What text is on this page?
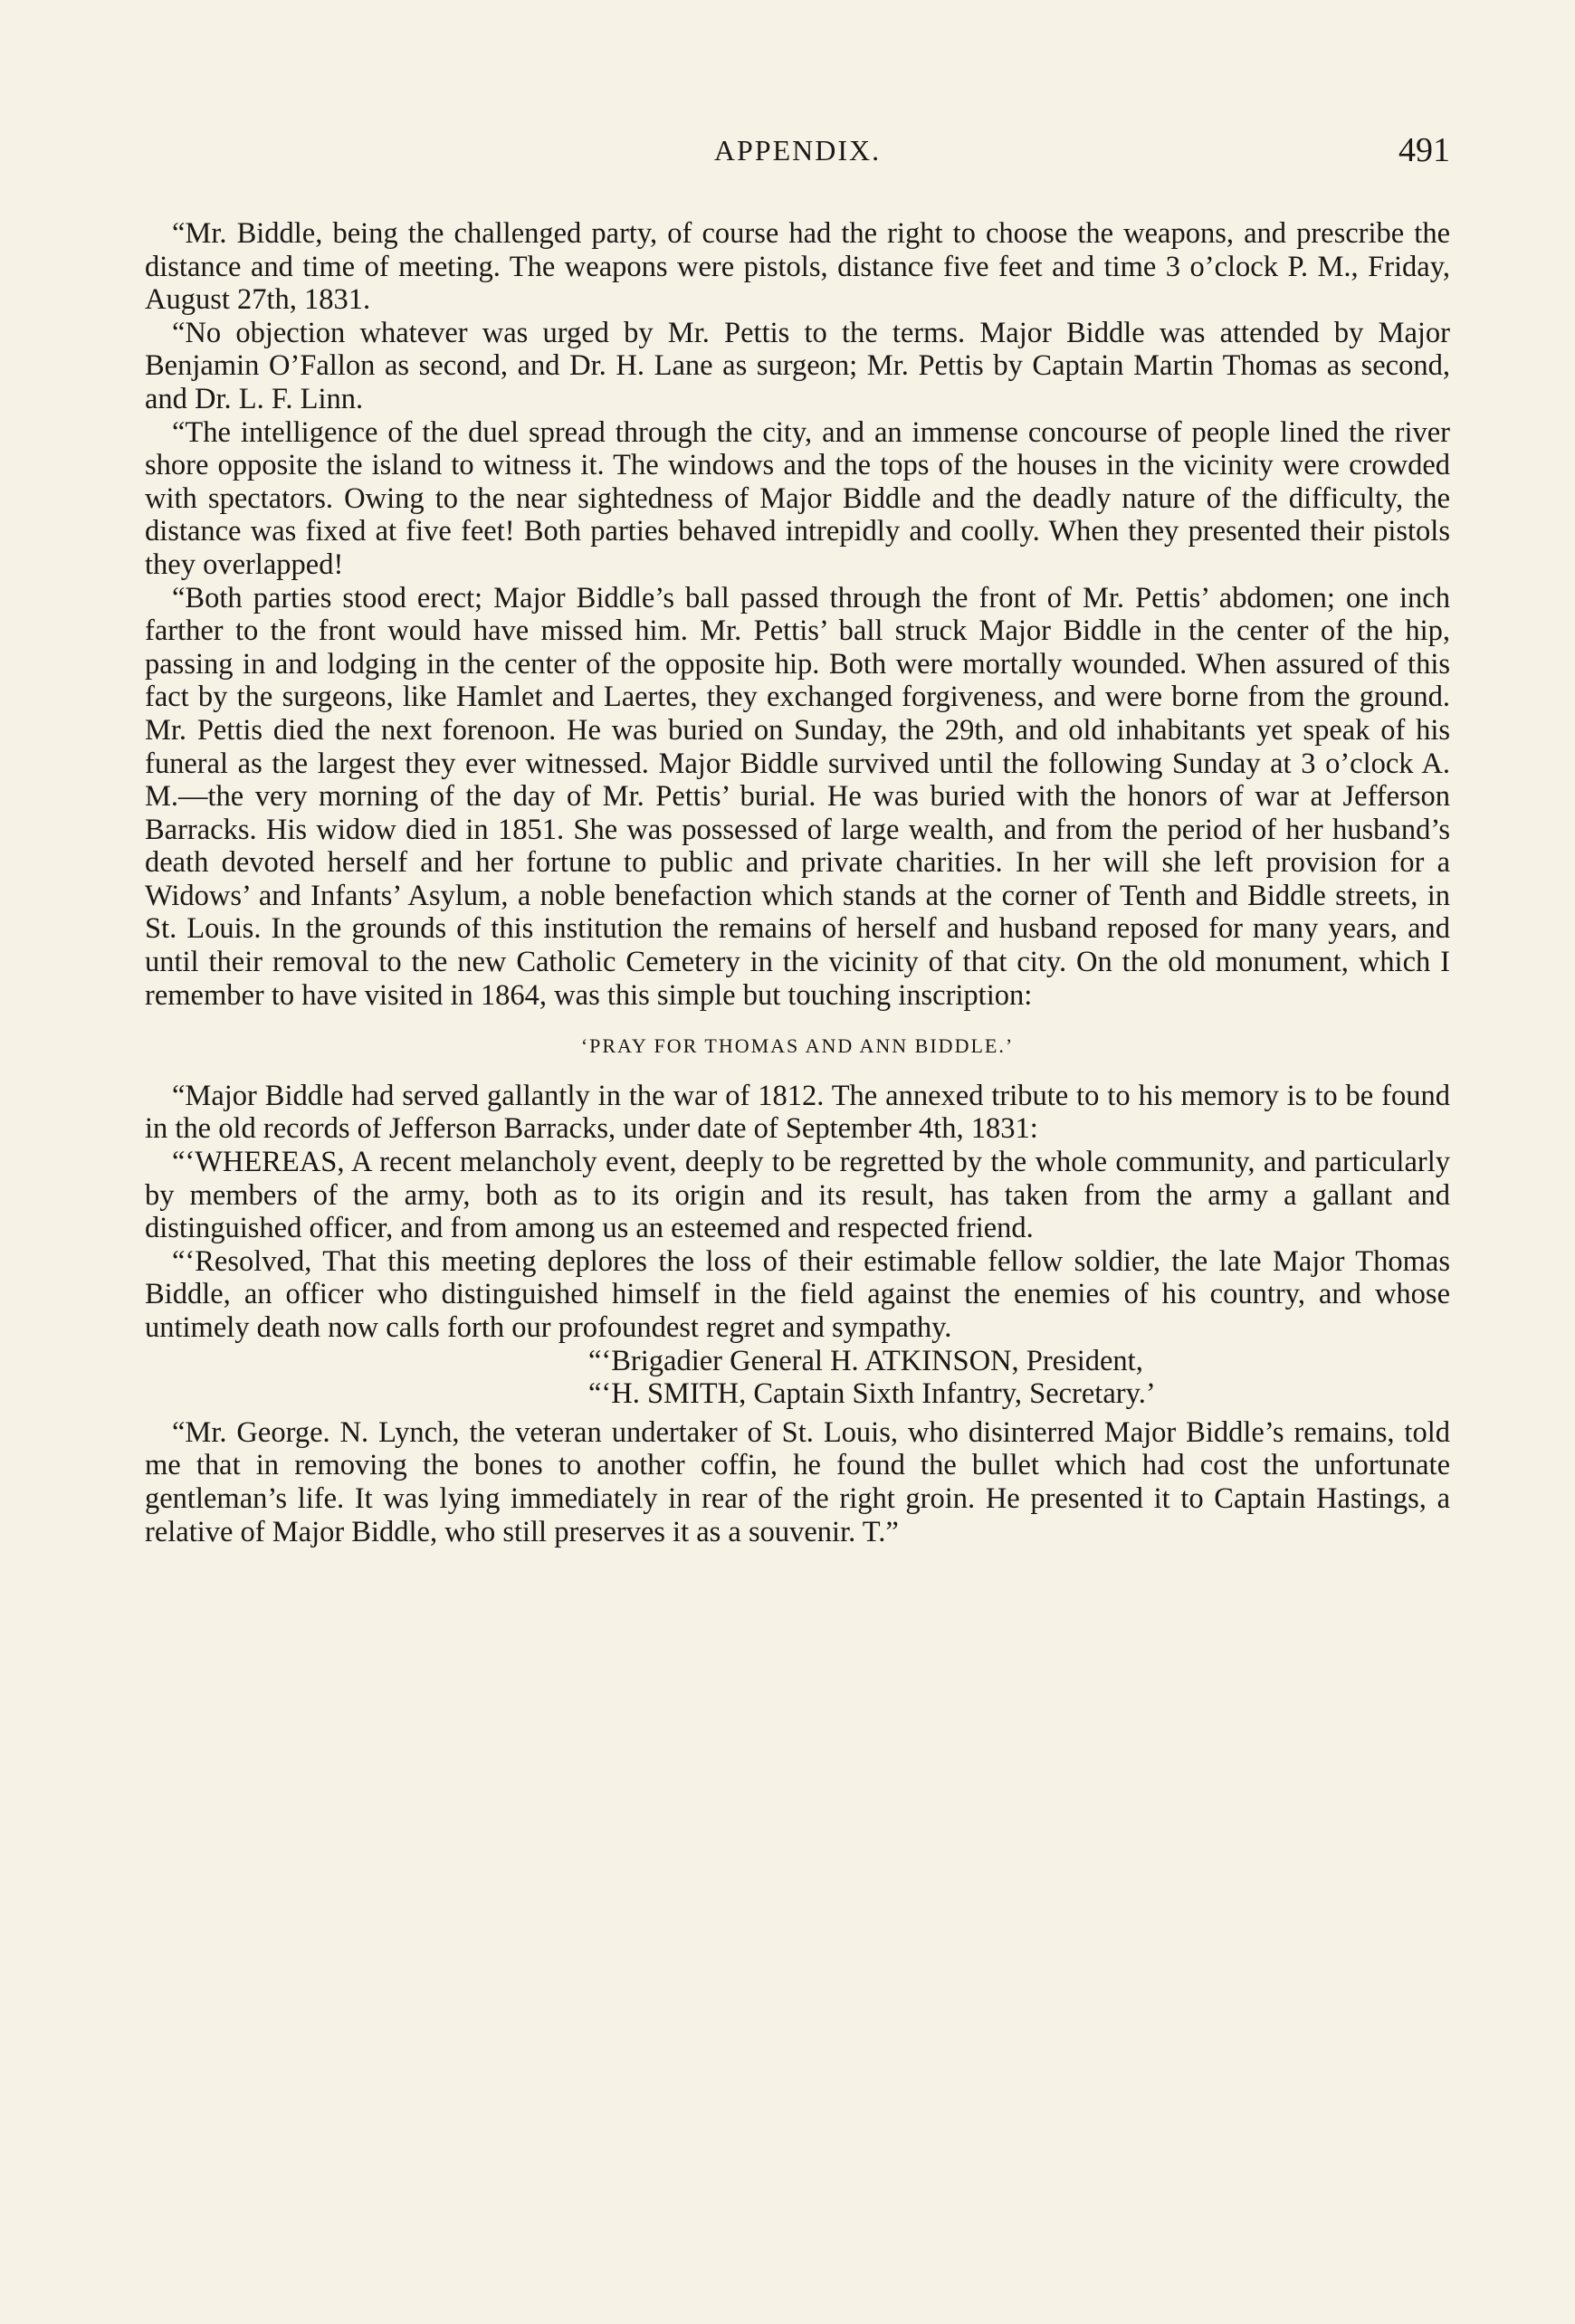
APPENDIX.	491

“Mr. Biddle, being the challenged party, of course had the right to choose the weapons, and prescribe the distance and time of meeting. The weapons were pistols, distance five feet and time 3 o’clock P. M., Friday, August 27th, 1831.

“No objection whatever was urged by Mr. Pettis to the terms. Major Biddle was attended by Major Benjamin O’Fallon as second, and Dr. H. Lane as surgeon; Mr. Pettis by Captain Martin Thomas as second, and Dr. L. F. Linn.

“The intelligence of the duel spread through the city, and an immense concourse of people lined the river shore opposite the island to witness it. The windows and the tops of the houses in the vicinity were crowded with spectators. Owing to the near sightedness of Major Biddle and the deadly nature of the difficulty, the distance was fixed at five feet! Both parties behaved intrepidly and coolly. When they presented their pistols they overlapped!

“Both parties stood erect; Major Biddle’s ball passed through the front of Mr. Pettis’ abdomen; one inch farther to the front would have missed him. Mr. Pettis’ ball struck Major Biddle in the center of the hip, passing in and lodging in the center of the opposite hip. Both were mortally wounded. When assured of this fact by the surgeons, like Hamlet and Laertes, they exchanged forgiveness, and were borne from the ground. Mr. Pettis died the next forenoon. He was buried on Sunday, the 29th, and old inhabitants yet speak of his funeral as the largest they ever witnessed. Major Biddle survived until the following Sunday at 3 o’clock A. M.—the very morning of the day of Mr. Pettis’ burial. He was buried with the honors of war at Jefferson Barracks. His widow died in 1851. She was possessed of large wealth, and from the period of her husband’s death devoted herself and her fortune to public and private charities. In her will she left provision for a Widows’ and Infants’ Asylum, a noble benefaction which stands at the corner of Tenth and Biddle streets, in St. Louis. In the grounds of this institution the remains of herself and husband reposed for many years, and until their removal to the new Catholic Cemetery in the vicinity of that city. On the old monument, which I remember to have visited in 1864, was this simple but touching inscription:

‘PRAY FOR THOMAS AND ANN BIDDLE.’

“Major Biddle had served gallantly in the war of 1812. The annexed tribute to to his memory is to be found in the old records of Jefferson Barracks, under date of September 4th, 1831:

“‘WHEREAS, A recent melancholy event, deeply to be regretted by the whole community, and particularly by members of the army, both as to its origin and its result, has taken from the army a gallant and distinguished officer, and from among us an esteemed and respected friend.

“‘Resolved, That this meeting deplores the loss of their estimable fellow soldier, the late Major Thomas Biddle, an officer who distinguished himself in the field against the enemies of his country, and whose untimely death now calls forth our profoundest regret and sympathy.

“‘Brigadier General H. ATKINSON, President,

“‘H. SMITH, Captain Sixth Infantry, Secretary.’

“Mr. George. N. Lynch, the veteran undertaker of St. Louis, who disinterred Major Biddle’s remains, told me that in removing the bones to another coffin, he found the bullet which had cost the unfortunate gentleman’s life. It was lying immediately in rear of the right groin. He presented it to Captain Hastings, a relative of Major Biddle, who still preserves it as a souvenir. T.”
